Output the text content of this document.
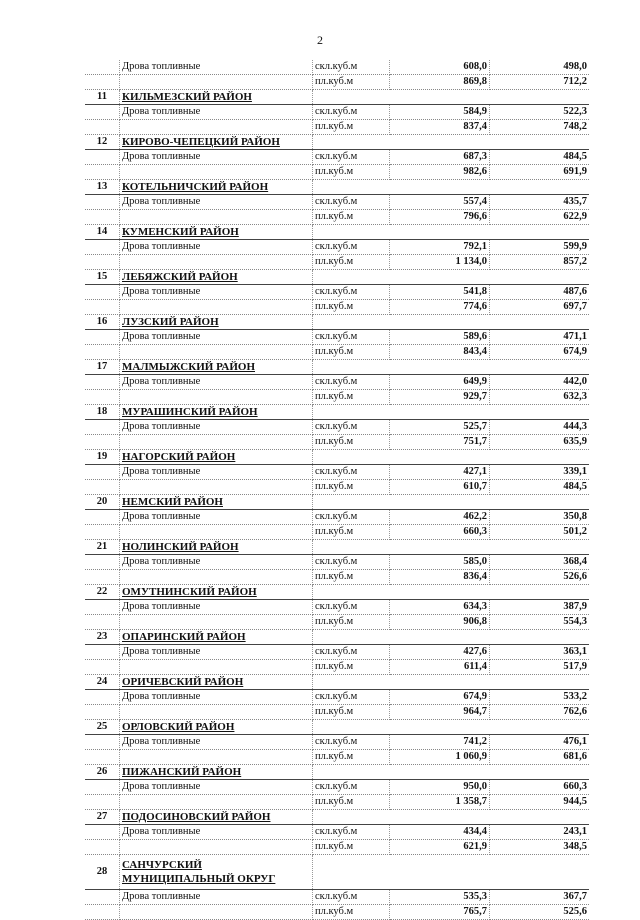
2
	Дрова топливные	скл.куб.м	608,0	498,0
		пл.куб.м	869,8	712,2
11	КИЛЬМЕЗСКИЙ РАЙОН			
	Дрова топливные	скл.куб.м	584,9	522,3
		пл.куб.м	837,4	748,2
12	КИРОВО-ЧЕПЕЦКИЙ РАЙОН			
	Дрова топливные	скл.куб.м	687,3	484,5
		пл.куб.м	982,6	691,9
13	КОТЕЛЬНИЧСКИЙ РАЙОН			
	Дрова топливные	скл.куб.м	557,4	435,7
		пл.куб.м	796,6	622,9
14	КУМЕНСКИЙ РАЙОН			
	Дрова топливные	скл.куб.м	792,1	599,9
		пл.куб.м	1 134,0	857,2
15	ЛЕБЯЖСКИЙ РАЙОН			
	Дрова топливные	скл.куб.м	541,8	487,6
		пл.куб.м	774,6	697,7
16	ЛУЗСКИЙ РАЙОН			
	Дрова топливные	скл.куб.м	589,6	471,1
		пл.куб.м	843,4	674,9
17	МАЛМЫЖСКИЙ РАЙОН			
	Дрова топливные	скл.куб.м	649,9	442,0
		пл.куб.м	929,7	632,3
18	МУРАШИНСКИЙ РАЙОН			
	Дрова топливные	скл.куб.м	525,7	444,3
		пл.куб.м	751,7	635,9
19	НАГОРСКИЙ РАЙОН			
	Дрова топливные	скл.куб.м	427,1	339,1
		пл.куб.м	610,7	484,5
20	НЕМСКИЙ РАЙОН			
	Дрова топливные	скл.куб.м	462,2	350,8
		пл.куб.м	660,3	501,2
21	НОЛИНСКИЙ РАЙОН			
	Дрова топливные	скл.куб.м	585,0	368,4
		пл.куб.м	836,4	526,6
22	ОМУТНИНСКИЙ РАЙОН			
	Дрова топливные	скл.куб.м	634,3	387,9
		пл.куб.м	906,8	554,3
23	ОПАРИНСКИЙ РАЙОН			
	Дрова топливные	скл.куб.м	427,6	363,1
		пл.куб.м	611,4	517,9
24	ОРИЧЕВСКИЙ РАЙОН			
	Дрова топливные	скл.куб.м	674,9	533,2
		пл.куб.м	964,7	762,6
25	ОРЛОВСКИЙ РАЙОН			
	Дрова топливные	скл.куб.м	741,2	476,1
		пл.куб.м	1 060,9	681,6
26	ПИЖАНСКИЙ РАЙОН			
	Дрова топливные	скл.куб.м	950,0	660,3
		пл.куб.м	1 358,7	944,5
27	ПОДОСИНОВСКИЙ РАЙОН			
	Дрова топливные	скл.куб.м	434,4	243,1
		пл.куб.м	621,9	348,5
28	САНЧУРСКИЙ МУНИЦИПАЛЬНЫЙ ОКРУГ			
	Дрова топливные	скл.куб.м	535,3	367,7
		пл.куб.м	765,7	525,6
